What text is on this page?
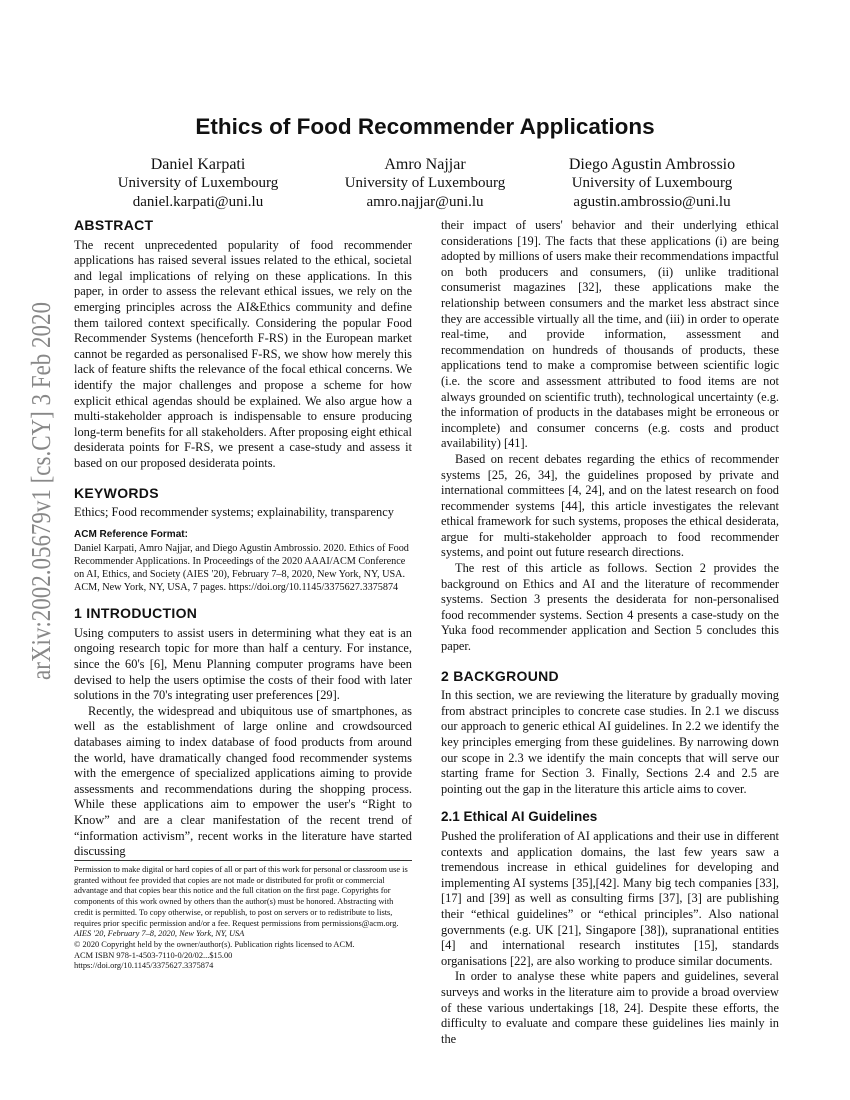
arXiv:2002.05679v1 [cs.CY] 3 Feb 2020
Ethics of Food Recommender Applications
Daniel Karpati
University of Luxembourg
daniel.karpati@uni.lu
Amro Najjar
University of Luxembourg
amro.najjar@uni.lu
Diego Agustin Ambrossio
University of Luxembourg
agustin.ambrossio@uni.lu
ABSTRACT

The recent unprecedented popularity of food recommender applications has raised several issues related to the ethical, societal and legal implications of relying on these applications. In this paper, in order to assess the relevant ethical issues, we rely on the emerging principles across the AI&Ethics community and define them tailored context specifically. Considering the popular Food Recommender Systems (henceforth F-RS) in the European market cannot be regarded as personalised F-RS, we show how merely this lack of feature shifts the relevance of the focal ethical concerns. We identify the major challenges and propose a scheme for how explicit ethical agendas should be explained. We also argue how a multi-stakeholder approach is indispensable to ensure producing long-term benefits for all stakeholders. After proposing eight ethical desiderata points for F-RS, we present a case-study and assess it based on our proposed desiderata points.

KEYWORDS

Ethics; Food recommender systems; explainability, transparency

ACM Reference Format:

Daniel Karpati, Amro Najjar, and Diego Agustin Ambrossio. 2020. Ethics of Food Recommender Applications. In Proceedings of the 2020 AAAI/ACM Conference on AI, Ethics, and Society (AIES '20), February 7–8, 2020, New York, NY, USA. ACM, New York, NY, USA, 7 pages. https://doi.org/10.1145/3375627.3375874

1 INTRODUCTION

Using computers to assist users in determining what they eat is an ongoing research topic for more than half a century. For instance, since the 60's [6], Menu Planning computer programs have been devised to help the users optimise the costs of their food with later solutions in the 70's integrating user preferences [29].

Recently, the widespread and ubiquitous use of smartphones, as well as the establishment of large online and crowdsourced databases aiming to index database of food products from around the world, have dramatically changed food recommender systems with the emergence of specialized applications aiming to provide assessments and recommendations during the shopping process. While these applications aim to empower the user's “Right to Know” and are a clear manifestation of the recent trend of “information activism”, recent works in the literature have started discussing

Permission to make digital or hard copies of all or part of this work for personal or classroom use is granted without fee provided that copies are not made or distributed for profit or commercial advantage and that copies bear this notice and the full citation on the first page. Copyrights for components of this work owned by others than the author(s) must be honored. Abstracting with credit is permitted. To copy otherwise, or republish, to post on servers or to redistribute to lists, requires prior specific permission and/or a fee. Request permissions from permissions@acm.org.

AIES '20, February 7–8, 2020, New York, NY, USA

© 2020 Copyright held by the owner/author(s). Publication rights licensed to ACM.

ACM ISBN 978-1-4503-7110-0/20/02...$15.00

https://doi.org/10.1145/3375627.3375874

their impact of users' behavior and their underlying ethical considerations [19]. The facts that these applications (i) are being adopted by millions of users make their recommendations impactful on both producers and consumers, (ii) unlike traditional consumerist magazines [32], these applications make the relationship between consumers and the market less abstract since they are accessible virtually all the time, and (iii) in order to operate real-time, and provide information, assessment and recommendation on hundreds of thousands of products, these applications tend to make a compromise between scientific logic (i.e. the score and assessment attributed to food items are not always grounded on scientific truth), technological uncertainty (e.g. the information of products in the databases might be erroneous or incomplete) and consumer concerns (e.g. costs and product availability) [41].

Based on recent debates regarding the ethics of recommender systems [25, 26, 34], the guidelines proposed by private and international committees [4, 24], and on the latest research on food recommender systems [44], this article investigates the relevant ethical framework for such systems, proposes the ethical desiderata, argue for multi-stakeholder approach to food recommender systems, and point out future research directions.

The rest of this article as follows. Section 2 provides the background on Ethics and AI and the literature of recommender systems. Section 3 presents the desiderata for non-personalised food recommender systems. Section 4 presents a case-study on the Yuka food recommender application and Section 5 concludes this paper.

2 BACKGROUND

In this section, we are reviewing the literature by gradually moving from abstract principles to concrete case studies. In 2.1 we discuss our approach to generic ethical AI guidelines. In 2.2 we identify the key principles emerging from these guidelines. By narrowing down our scope in 2.3 we identify the main concepts that will serve our starting frame for Section 3. Finally, Sections 2.4 and 2.5 are pointing out the gap in the literature this article aims to cover.

2.1 Ethical AI Guidelines

Pushed the proliferation of AI applications and their use in different contexts and application domains, the last few years saw a tremendous increase in ethical guidelines for developing and implementing AI systems [35],[42]. Many big tech companies [33], [17] and [39] as well as consulting firms [37], [3] are publishing their “ethical guidelines” or “ethical principles”. Also national governments (e.g. UK [21], Singapore [38]), supranational entities [4] and international research institutes [15], standards organisations [22], are also working to produce similar documents.

In order to analyse these white papers and guidelines, several surveys and works in the literature aim to provide a broad overview of these various undertakings [18, 24]. Despite these efforts, the difficulty to evaluate and compare these guidelines lies mainly in the
